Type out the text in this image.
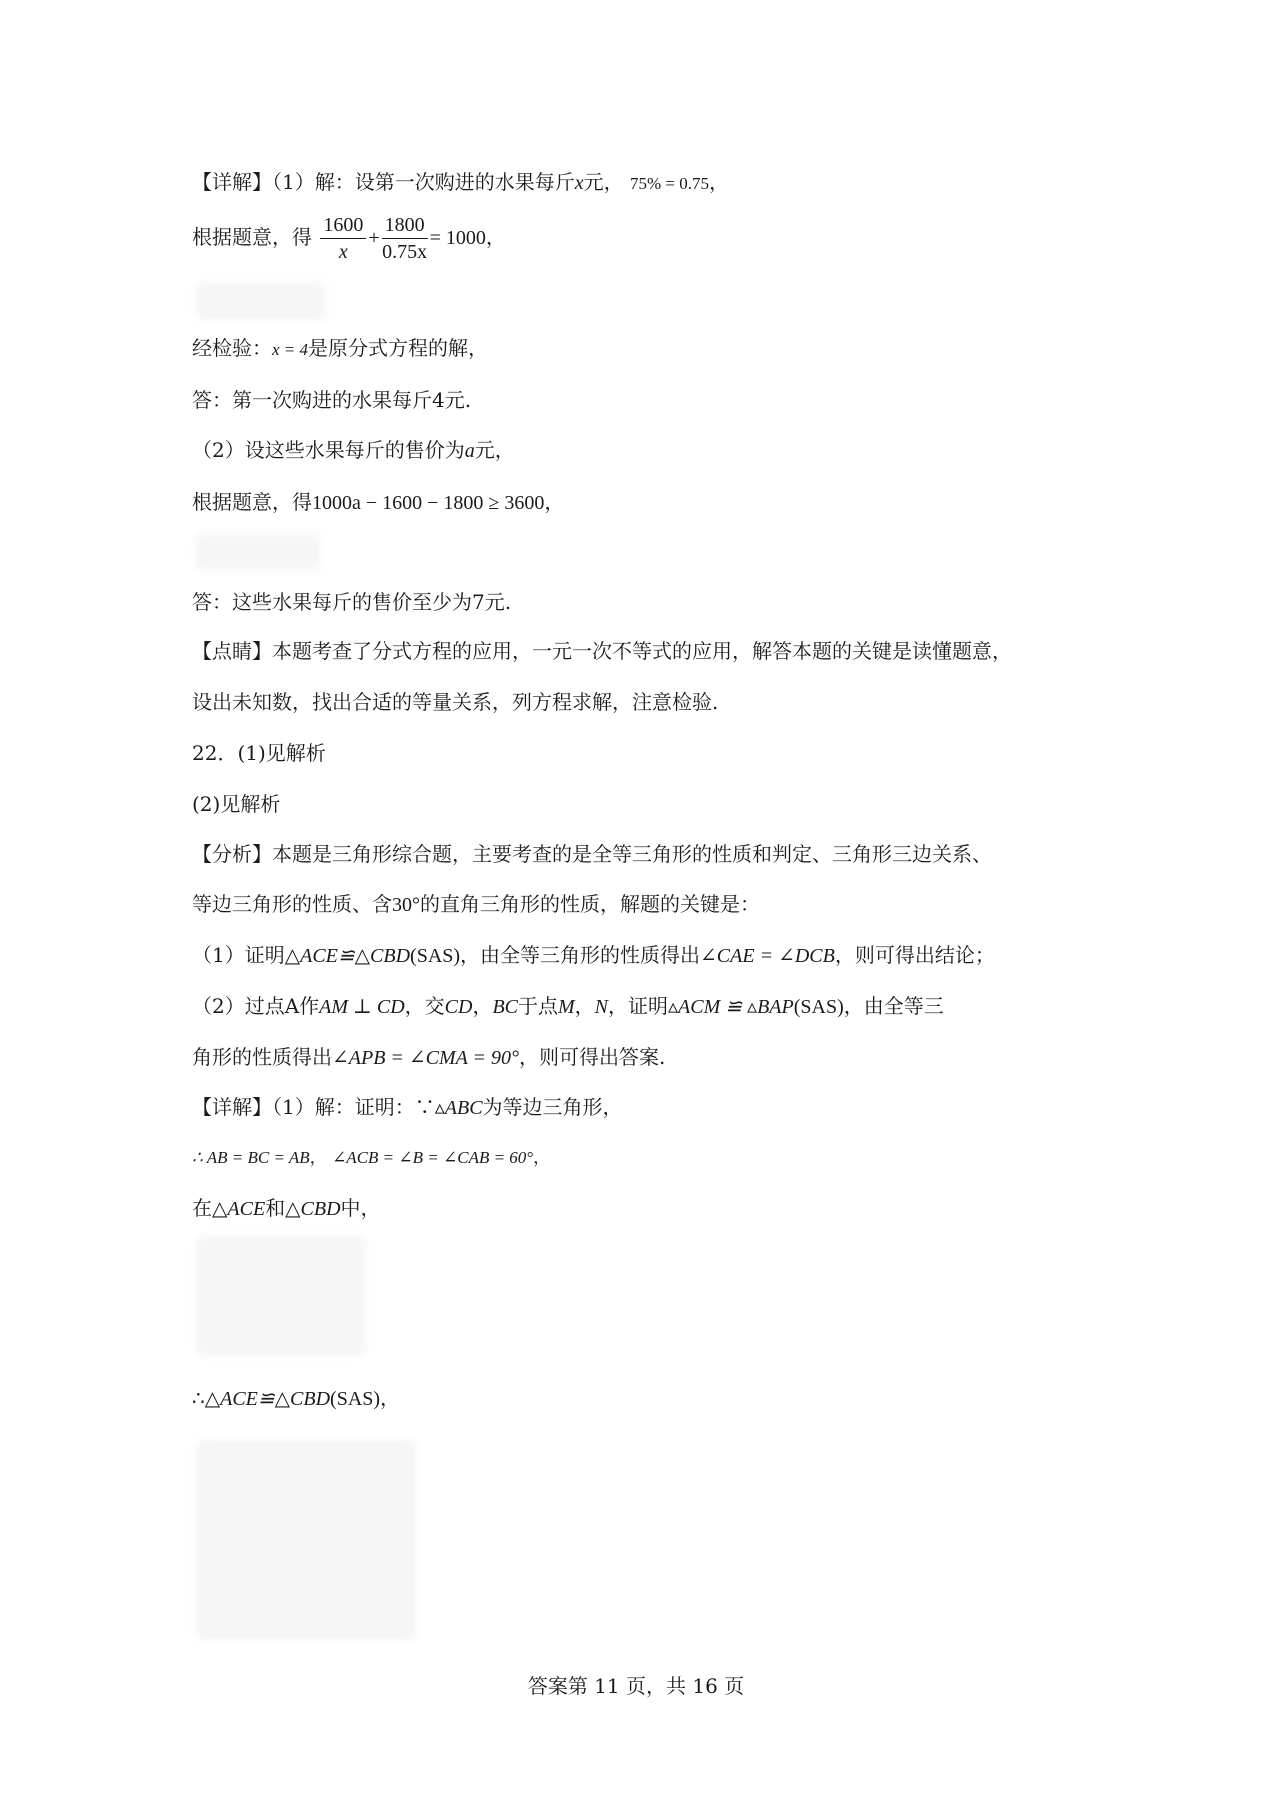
【详解】（1）解：设第一次购进的水果每斤x元， 75% = 0.75，
根据题意，得 $\frac{1600}{x} + \frac{1800}{0.75x} = 1000$，
经检验：x = 4是原分式方程的解，
答：第一次购进的水果每斤4元.
（2）设这些水果每斤的售价为a元，
根据题意，得1000a − 1600 − 1800 ≥ 3600，
答：这些水果每斤的售价至少为7元.
【点睛】本题考查了分式方程的应用，一元一次不等式的应用，解答本题的关键是读懂题意，
设出未知数，找出合适的等量关系，列方程求解，注意检验.
22．(1)见解析
(2)见解析
【分析】本题是三角形综合题，主要考查的是全等三角形的性质和判定、三角形三边关系、
等边三角形的性质、含30°的直角三角形的性质，解题的关键是：
（1）证明△ACE≌△CBD(SAS)，由全等三角形的性质得出∠CAE = ∠DCB，则可得出结论；
（2）过点A作AM ⊥ CD，交CD，BC于点M，N，证明▵ACM ≌ ▵BAP(SAS)，由全等三
角形的性质得出∠APB = ∠CMA = 90°，则可得出答案.
【详解】（1）解：证明：∵▵ABC为等边三角形，
∴ AB = BC = AB， ∠ACB = ∠B = ∠CAB = 60°，
在△ACE和△CBD中，
∴△ACE≌△CBD(SAS)，
答案第 11 页，共 16 页
